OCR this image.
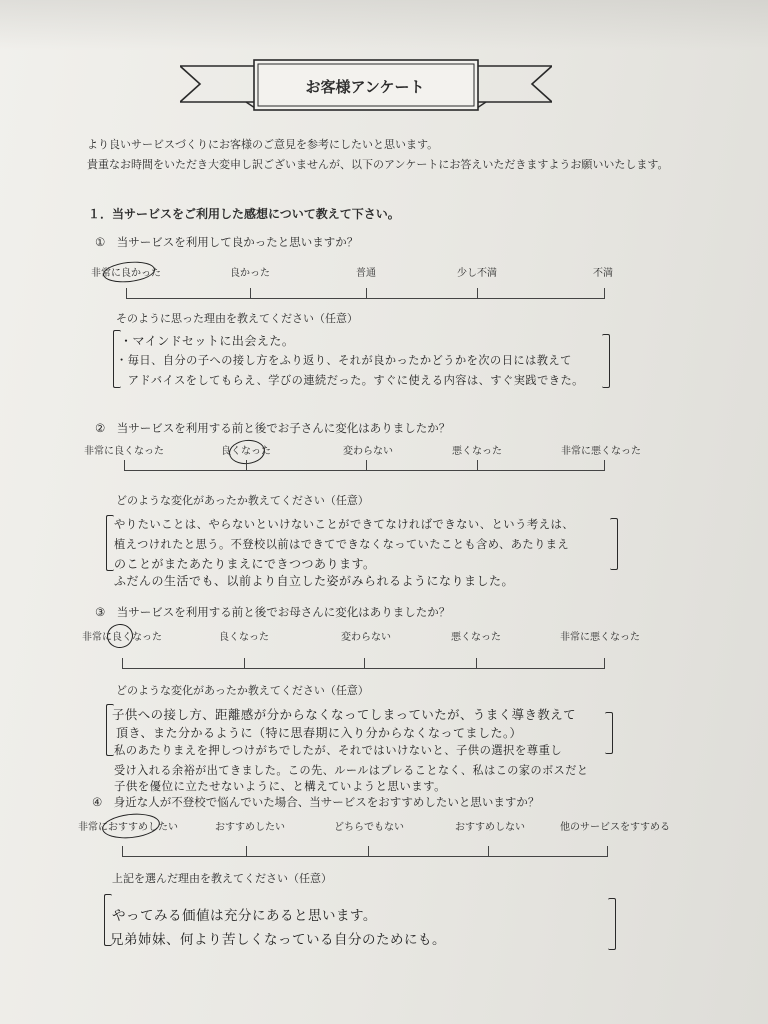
お客様アンケート
より良いサービスづくりにお客様のご意見を参考にしたいと思います。
貴重なお時間をいただき大変申し訳ございませんが、以下のアンケートにお答えいただきますようお願いいたします。
１．当サービスをご利用した感想について教えて下さい。
①　当サービスを利用して良かったと思いますか？
非常に良かった	良かった	普通	少し不満	不満
そのように思った理由を教えてください（任意）
・マインドセットに出会えた。
・毎日、自分の子への接し方をふり返り、それが良かったかどうかを次の日には教えて
　アドバイスをしてもらえ、学びの連続だった。すぐに使える内容は、すぐ実践できた。
②　当サービスを利用する前と後でお子さんに変化はありましたか？
非常に良くなった	良くなった	変わらない	悪くなった	非常に悪くなった
どのような変化があったか教えてください（任意）
やりたいことは、やらないといけないことができてなければできない、という考えは、
植えつけれたと思う。不登校以前はできてできなくなっていたことも含め、あたりまえ
のことがまたあたりまえにできつつあります。
ふだんの生活でも、以前より自立した姿がみられるようになりました。
③　当サービスを利用する前と後でお母さんに変化はありましたか？
非常に良くなった	良くなった	変わらない	悪くなった	非常に悪くなった
どのような変化があったか教えてください（任意）
子供への接し方、距離感が分からなくなってしまっていたが、うまく導き教えて
頂き、また分かるように（特に思春期に入り分からなくなってました。）
私のあたりまえを押しつけがちでしたが、それではいけないと、子供の選択を尊重し
受け入れる余裕が出てきました。この先、ルールはブレることなく、私はこの家のボスだと
子供を優位に立たせないように、と構えていようと思います。
④　身近な人が不登校で悩んでいた場合、当サービスをおすすめしたいと思いますか？
非常におすすめしたい	おすすめしたい	どちらでもない	おすすめしない	他のサービスをすすめる
上記を選んだ理由を教えてください（任意）
やってみる価値は充分にあると思います。
兄弟姉妹、何より苦しくなっている自分のためにも。
